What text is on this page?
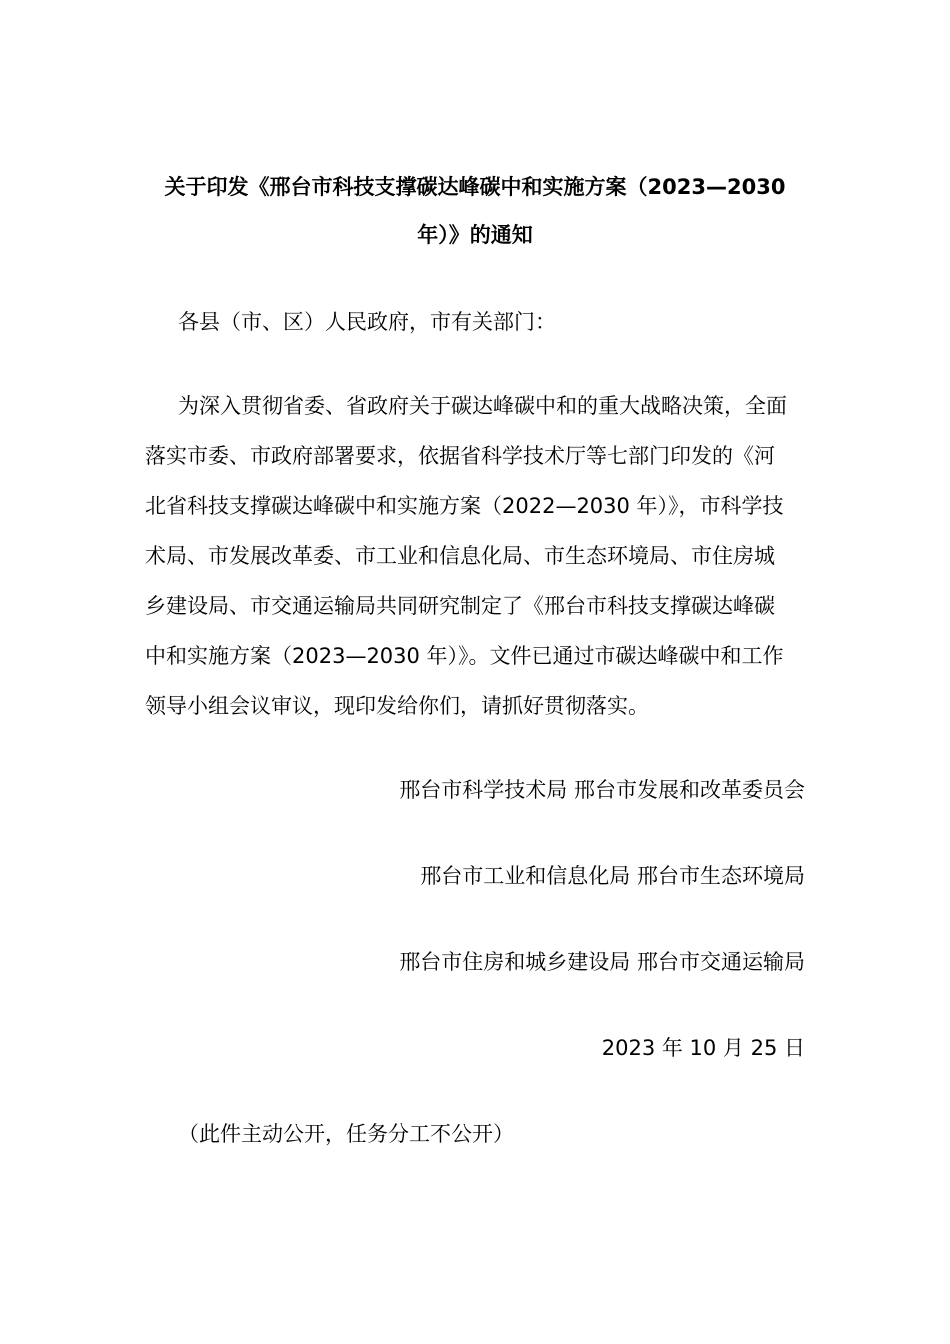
关于印发《邢台市科技支撑碳达峰碳中和实施方案（2023—2030
年）》的通知
各县（市、区）人民政府，市有关部门：
为深入贯彻省委、省政府关于碳达峰碳中和的重大战略决策，全面
落实市委、市政府部署要求，依据省科学技术厅等七部门印发的《河
北省科技支撑碳达峰碳中和实施方案（2022—2030 年）》，市科学技
术局、市发展改革委、市工业和信息化局、市生态环境局、市住房城
乡建设局、市交通运输局共同研究制定了《邢台市科技支撑碳达峰碳
中和实施方案（2023—2030 年）》。文件已通过市碳达峰碳中和工作
领导小组会议审议，现印发给你们，请抓好贯彻落实。
邢台市科学技术局 邢台市发展和改革委员会
邢台市工业和信息化局 邢台市生态环境局
邢台市住房和城乡建设局 邢台市交通运输局
2023 年 10 月 25 日
（此件主动公开，任务分工不公开）
